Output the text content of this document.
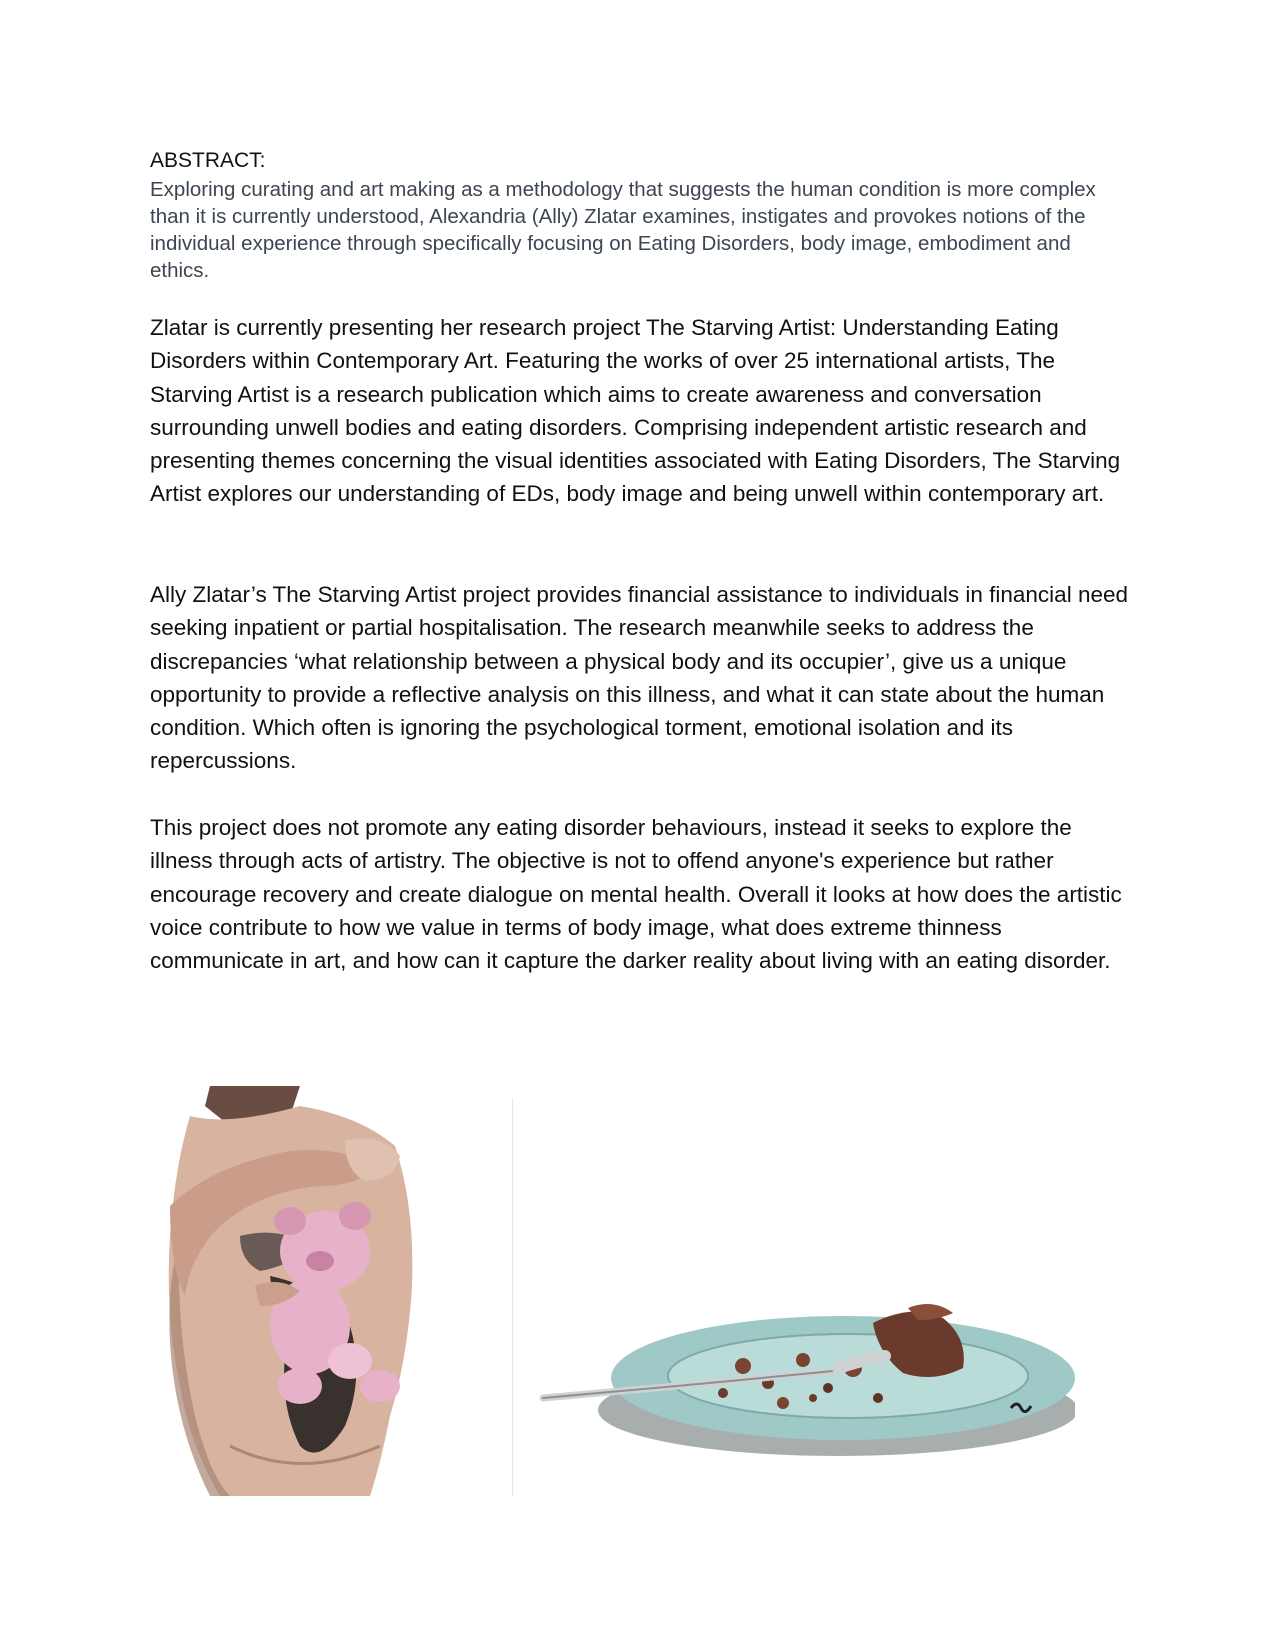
ABSTRACT:
Exploring curating and art making as a methodology that suggests the human condition is more complex than it is currently understood, Alexandria (Ally) Zlatar examines, instigates and provokes notions of the individual experience through specifically focusing on Eating Disorders, body image, embodiment and ethics.
Zlatar is currently presenting her research project The Starving Artist: Understanding Eating Disorders within Contemporary Art. Featuring the works of over 25 international artists, The Starving Artist is a research publication which aims to create awareness and conversation surrounding unwell bodies and eating disorders. Comprising independent artistic research and presenting themes concerning the visual identities associated with Eating Disorders, The Starving Artist explores our understanding of EDs, body image and being unwell within contemporary art.
Ally Zlatar’s The Starving Artist project provides financial assistance to individuals in financial need seeking inpatient or partial hospitalisation. The research meanwhile seeks to address the discrepancies ‘what relationship between a physical body and its occupier’, give us a unique opportunity to provide a reflective analysis on this illness, and what it can state about the human condition. Which often is ignoring the psychological torment, emotional isolation and its repercussions.
This project does not promote any eating disorder behaviours, instead it seeks to explore the illness through acts of artistry. The objective is not to offend anyone's experience but rather encourage recovery and create dialogue on mental health. Overall it looks at how does the artistic voice contribute to how we value in terms of body image, what does extreme thinness communicate in art, and how can it capture the darker reality about living with an eating disorder.
